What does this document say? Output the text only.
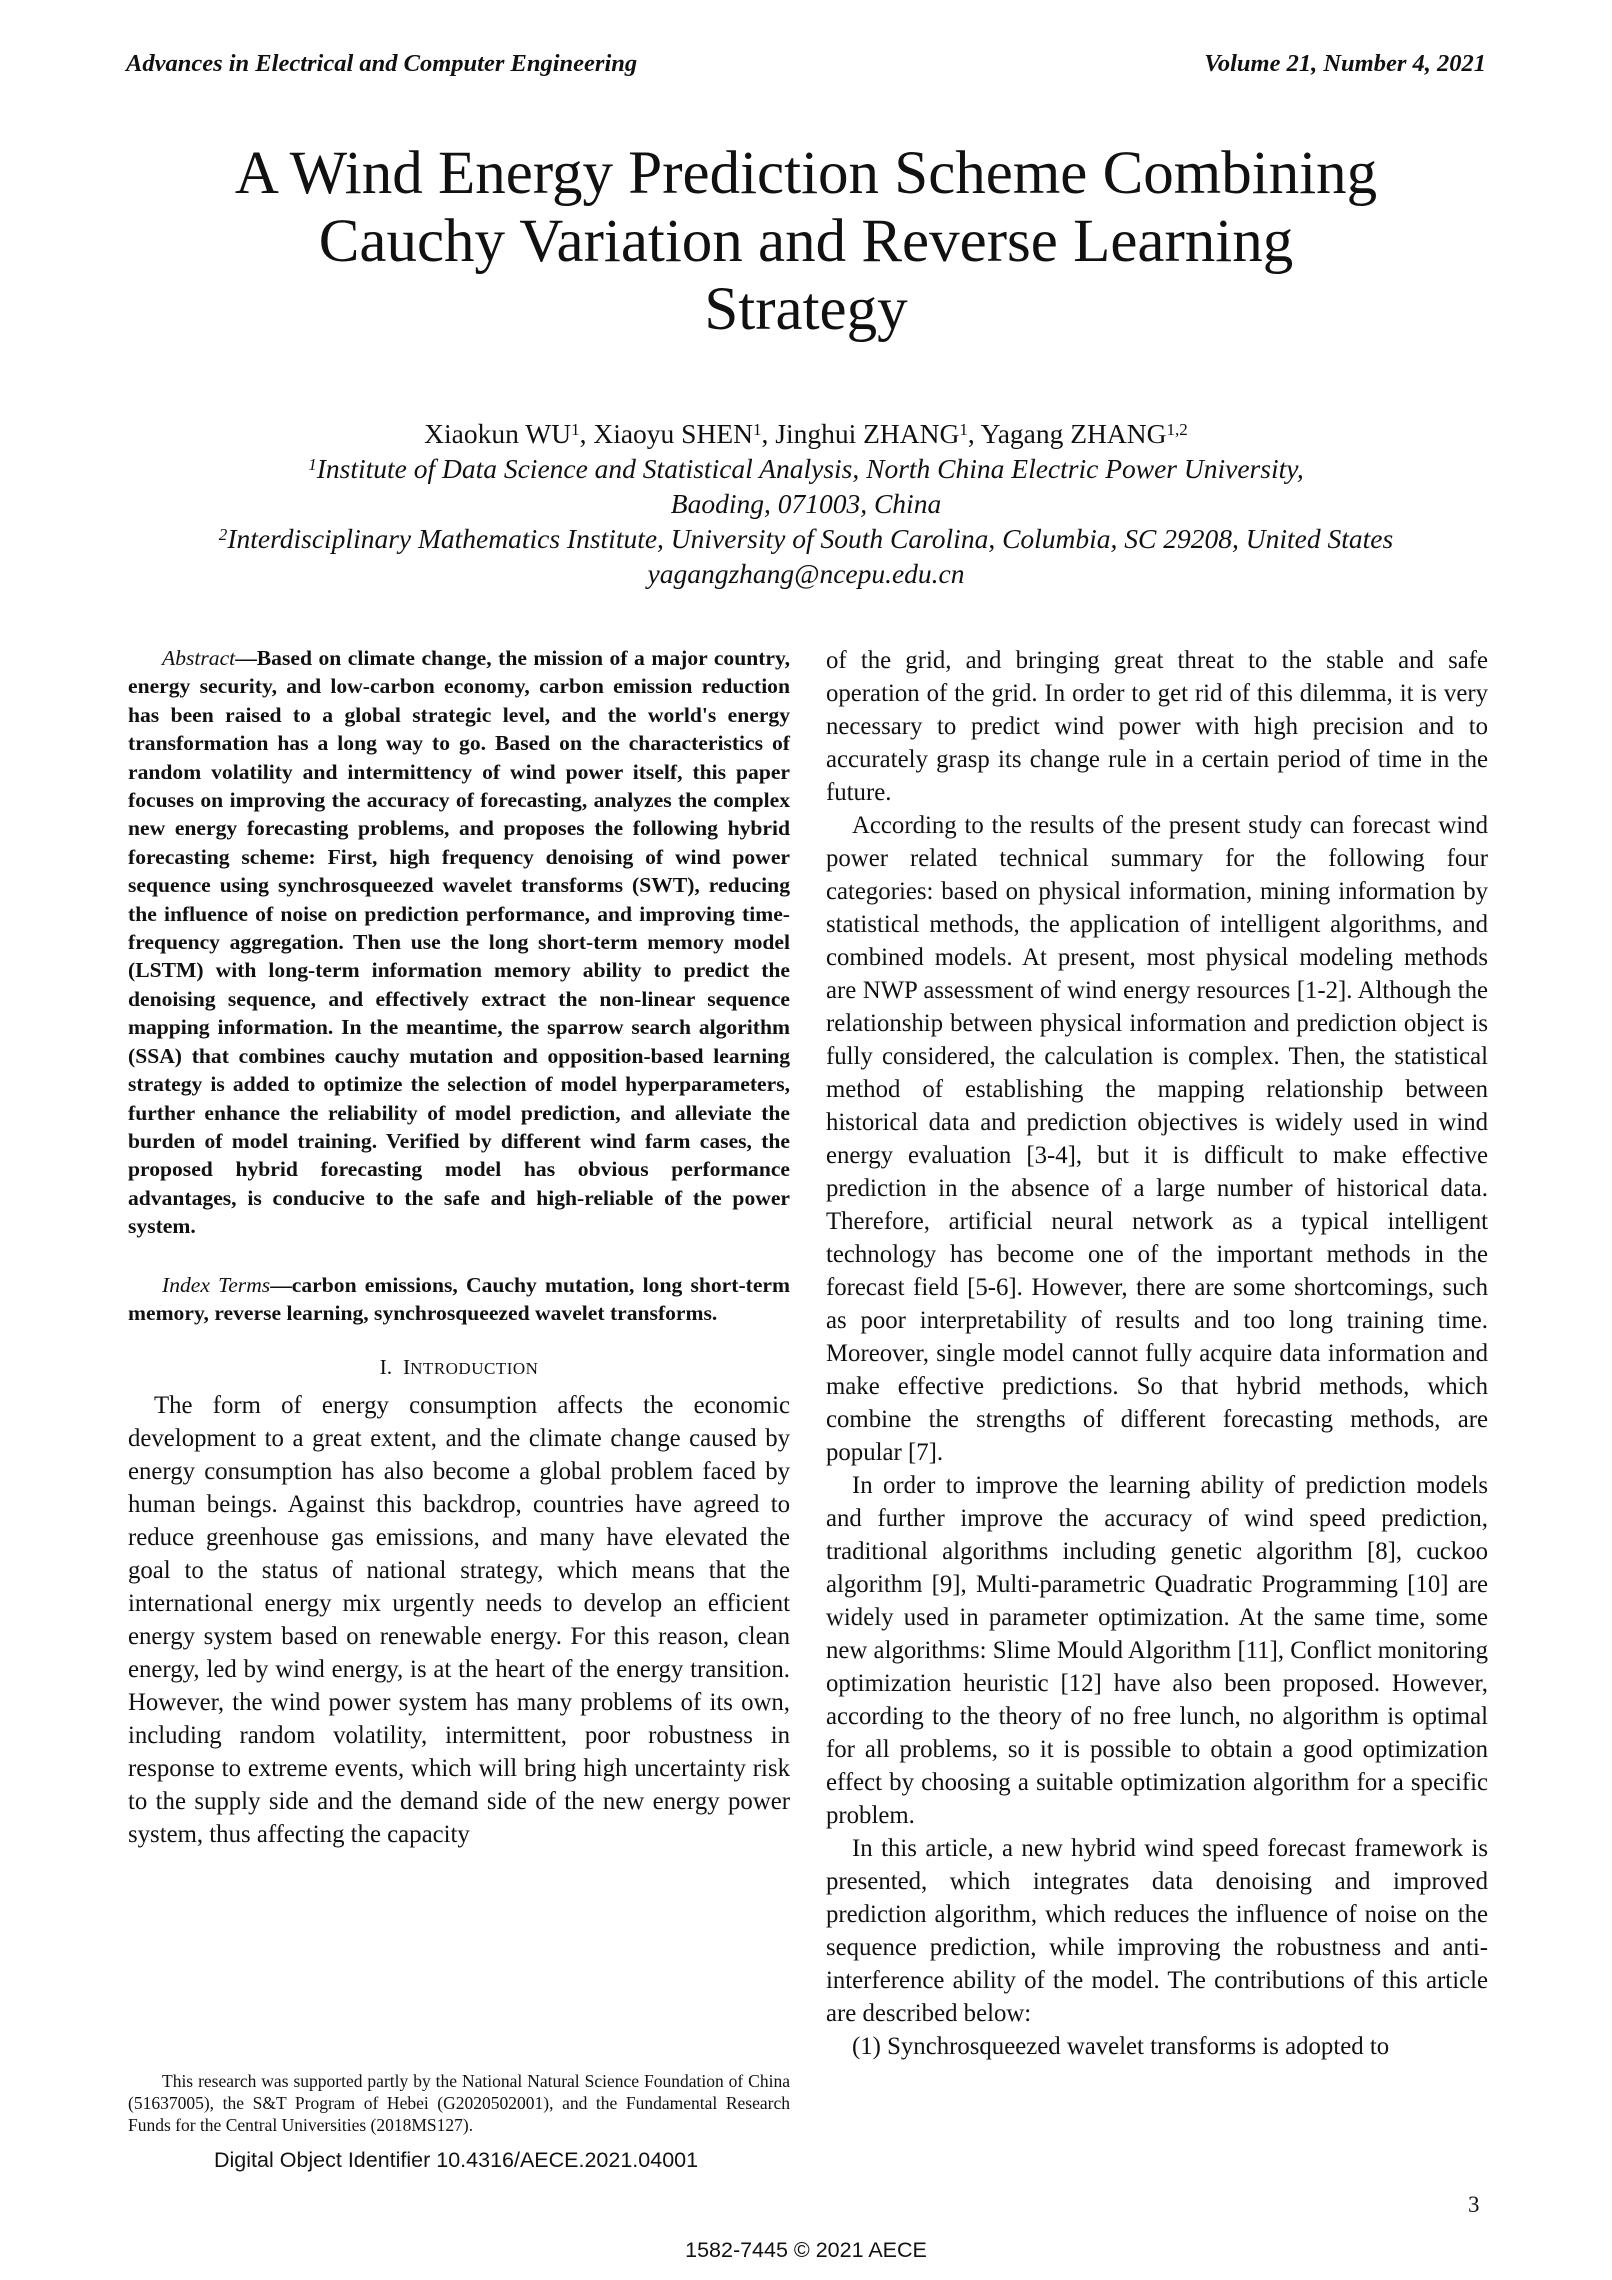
Advances in Electrical and Computer Engineering	Volume 21, Number 4, 2021
A Wind Energy Prediction Scheme Combining
Cauchy Variation and Reverse Learning
Strategy
Xiaokun $WU^1$, Xiaoyu SHEN$^1$, Jinghui ZHANG$^1$, Yagang ZHANG$^{1,2}$
$^1$Institute of Data Science and Statistical Analysis, North China Electric Power University,
Baoding, 071003, China
$^2$Interdisciplinary Mathematics Institute, University of South Carolina, Columbia, SC 29208, United States
yagangzhang@ncepu.edu.cn

Abstract—Based on climate change, the mission of a major country, energy security, and low-carbon economy, carbon emission reduction has been raised to a global strategic level, and the world's energy transformation has a long way to go. Based on the characteristics of random volatility and intermittency of wind power itself, this paper focuses on improving the accuracy of forecasting, analyzes the complex new energy forecasting problems, and proposes the following hybrid forecasting scheme: First, high frequency denoising of wind power sequence using synchrosqueezed wavelet transforms (SWT), reducing the influence of noise on prediction performance, and improving time-frequency aggregation. Then use the long short-term memory model (LSTM) with long-term information memory ability to predict the denoising sequence, and effectively extract the non-linear sequence mapping information. In the meantime, the sparrow search algorithm (SSA) that combines cauchy mutation and opposition-based learning strategy is added to optimize the selection of model hyperparameters, further enhance the reliability of model prediction, and alleviate the burden of model training. Verified by different wind farm cases, the proposed hybrid forecasting model has obvious performance advantages, is conducive to the safe and high-reliable of the power system.

Index Terms—carbon emissions, Cauchy mutation, long short-term memory, reverse learning, synchrosqueezed wavelet transforms.

I. INTRODUCTION

The form of energy consumption affects the economic development to a great extent, and the climate change caused by energy consumption has also become a global problem faced by human beings. Against this backdrop, countries have agreed to reduce greenhouse gas emissions, and many have elevated the goal to the status of national strategy, which means that the international energy mix urgently needs to develop an efficient energy system based on renewable energy. For this reason, clean energy, led by wind energy, is at the heart of the energy transition. However, the wind power system has many problems of its own, including random volatility, intermittent, poor robustness in response to extreme events, which will bring high uncertainty risk to the supply side and the demand side of the new energy power system, thus affecting the capacity

of the grid, and bringing great threat to the stable and safe operation of the grid. In order to get rid of this dilemma, it is very necessary to predict wind power with high precision and to accurately grasp its change rule in a certain period of time in the future.

According to the results of the present study can forecast wind power related technical summary for the following four categories: based on physical information, mining information by statistical methods, the application of intelligent algorithms, and combined models. At present, most physical modeling methods are NWP assessment of wind energy resources [1-2]. Although the relationship between physical information and prediction object is fully considered, the calculation is complex. Then, the statistical method of establishing the mapping relationship between historical data and prediction objectives is widely used in wind energy evaluation [3-4], but it is difficult to make effective prediction in the absence of a large number of historical data. Therefore, artificial neural network as a typical intelligent technology has become one of the important methods in the forecast field [5-6]. However, there are some shortcomings, such as poor interpretability of results and too long training time. Moreover, single model cannot fully acquire data information and make effective predictions. So that hybrid methods, which combine the strengths of different forecasting methods, are popular [7].

In order to improve the learning ability of prediction models and further improve the accuracy of wind speed prediction, traditional algorithms including genetic algorithm [8], cuckoo algorithm [9], Multi-parametric Quadratic Programming [10] are widely used in parameter optimization. At the same time, some new algorithms: Slime Mould Algorithm [11], Conflict monitoring optimization heuristic [12] have also been proposed. However, according to the theory of no free lunch, no algorithm is optimal for all problems, so it is possible to obtain a good optimization effect by choosing a suitable optimization algorithm for a specific problem.

In this article, a new hybrid wind speed forecast framework is presented, which integrates data denoising and improved prediction algorithm, which reduces the influence of noise on the sequence prediction, while improving the robustness and anti-interference ability of the model. The contributions of this article are described below:

(1) Synchrosqueezed wavelet transforms is adopted to

This research was supported partly by the National Natural Science Foundation of China (51637005), the S&T Program of Hebei (G2020502001), and the Fundamental Research Funds for the Central Universities (2018MS127).

Digital Object Identifier 10.4316/AECE.2021.04001
3
1582-7445 © 2021 AECE
